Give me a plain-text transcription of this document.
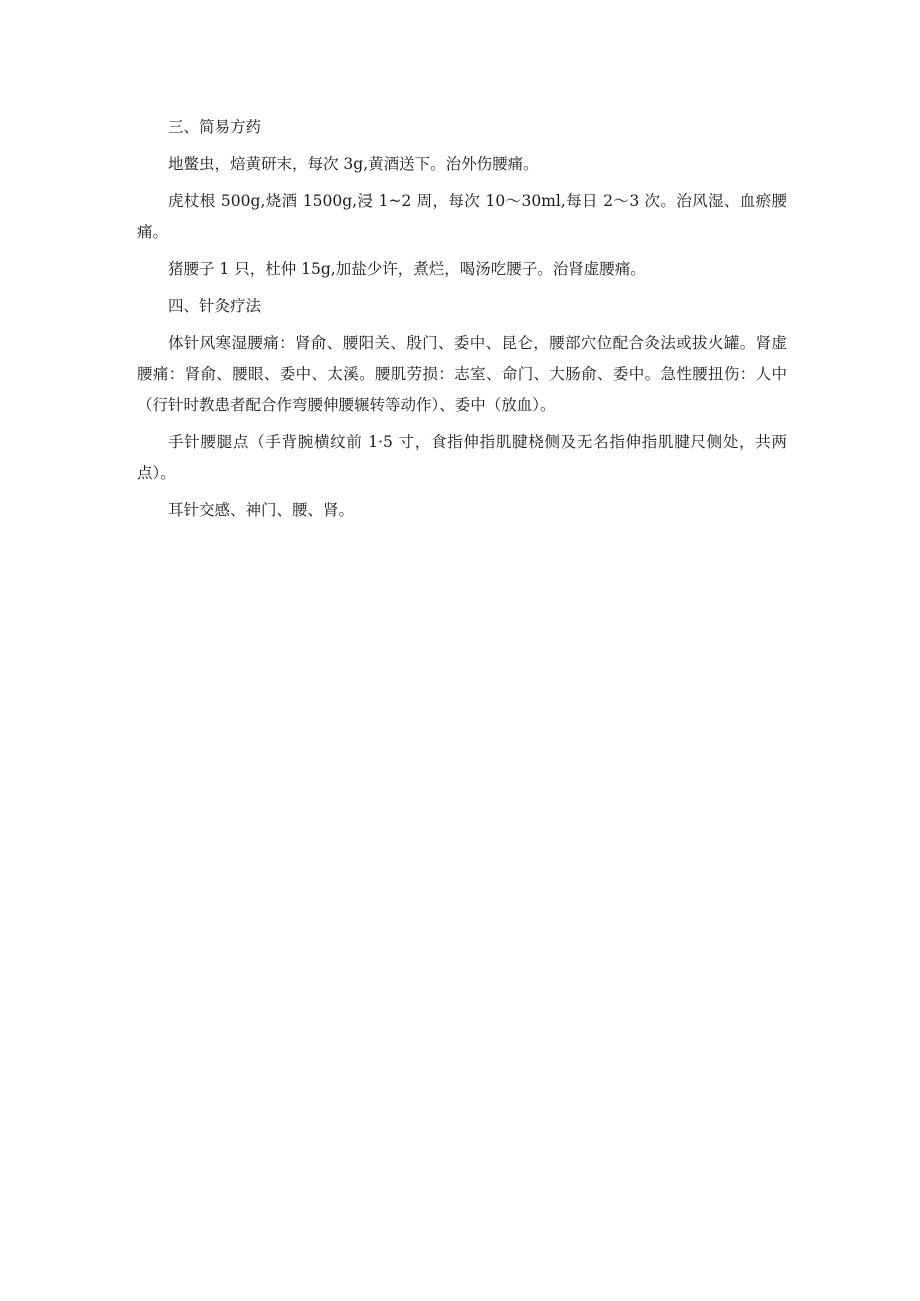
三、简易方药

地鳖虫，焙黄研末，每次 3g,黄酒送下。治外伤腰痛。

虎杖根 500g,烧酒 1500g,浸 1~2 周，每次 10～30ml,每日 2～3 次。治风湿、血瘀腰痛。

猪腰子 1 只，杜仲 15g,加盐少许，煮烂，喝汤吃腰子。治肾虚腰痛。

四、针灸疗法

体针风寒湿腰痛：肾俞、腰阳关、殷门、委中、昆仑，腰部穴位配合灸法或拔火罐。肾虚腰痛：肾俞、腰眼、委中、太溪。腰肌劳损：志室、命门、大肠俞、委中。急性腰扭伤：人中（行针时教患者配合作弯腰伸腰辗转等动作）、委中（放血）。

手针腰腿点（手背腕横纹前 1·5 寸，食指伸指肌腱桡侧及无名指伸指肌腱尺侧处，共两点）。

耳针交感、神门、腰、肾。
